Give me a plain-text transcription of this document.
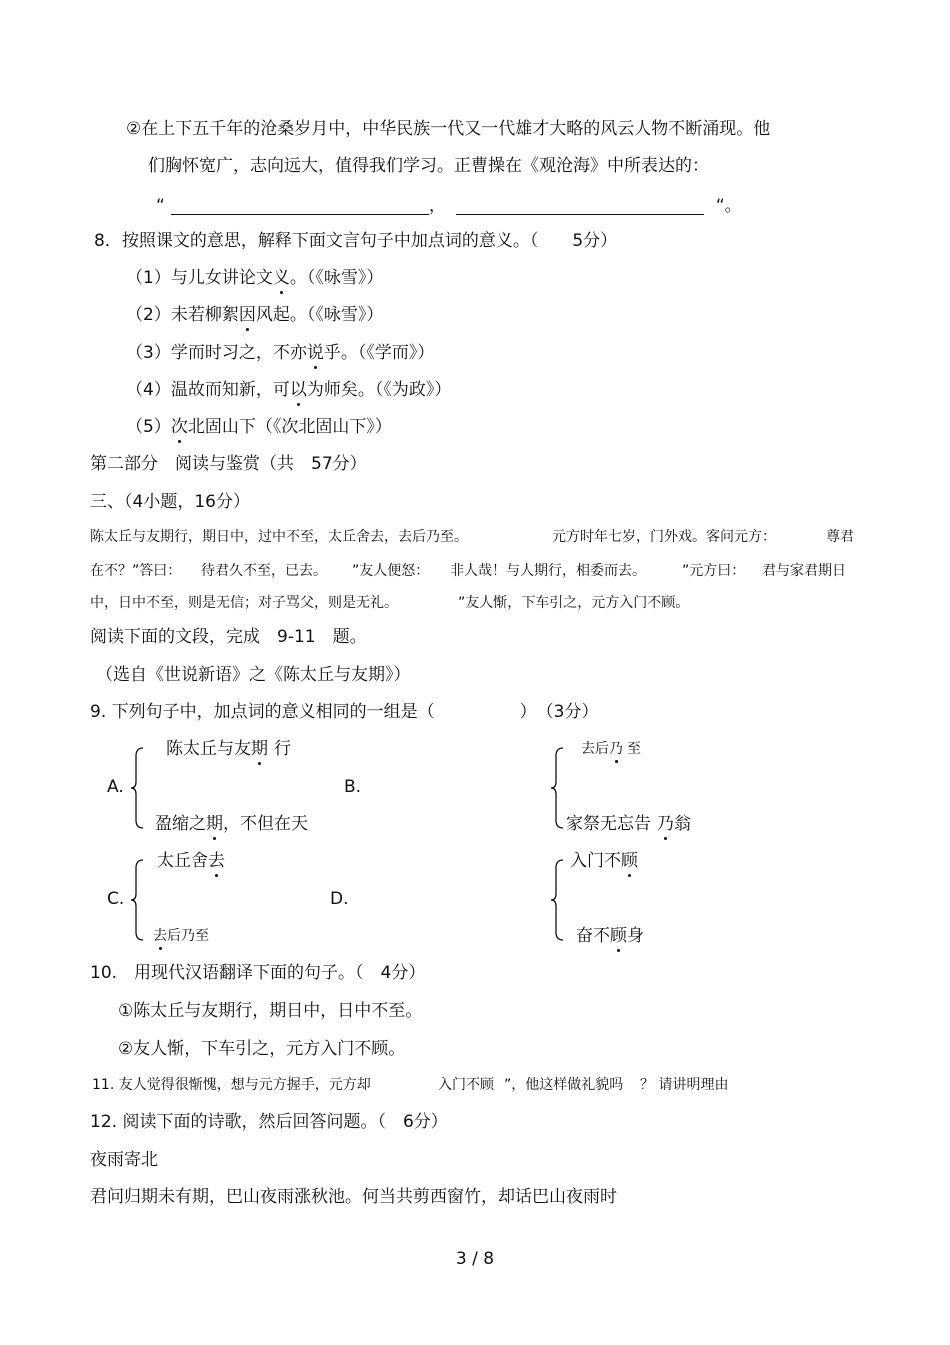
②在上下五千年的沧桑岁月中，中华民族一代又一代雄才大略的风云人物不断涌现。他
们胸怀宽广，志向远大，值得我们学习。正曹操在《观沧海》中所表达的：
“	，	“。
8．按照课文的意思，解释下面文言句子中加点词的意义。（　　5分）
（1）与儿女讲论文义。（《咏雪》）
（2）未若柳絮因风起。（《咏雪》）
（3）学而时习之，不亦说乎。（《学而》）
（4）温故而知新，可以为师矣。（《为政》）
（5）次北固山下（《次北固山下》）
第二部分　阅读与鉴赏（共　57分）
三、（4小题，16分）
陈太丘与友期行，期日中，过中不至，太丘舍去，去后乃至。	元方时年七岁，门外戏。客问元方：	尊君
在不？”答曰： 待君久不至，已去。 ”友人便怒： 非人哉！与人期行，相委而去。	”元方曰： 君与家君期日
中，日中不至，则是无信；对子骂父，则是无礼。	”友人惭，下车引之，元方入门不顾。
阅读下面的文段，完成　9-11　题。
（选自《世说新语》之《陈太丘与友期》）
9. 下列句子中，加点词的意义相同的一组是（　　　　　）　（3分）
A.
陈太丘与友期 行
盈缩之期，不但在天
B.
去后乃 至
家祭无忘告 乃翁
C.
太丘舍去
去后乃至
D.
入门不顾
奋不顾身
10.　用现代汉语翻译下面的句子。（　4分）
①陈太丘与友期行，期日中，日中不至。
②友人惭，下车引之，元方入门不顾。
11. 友人觉得很惭愧，想与元方握手，元方却	入门不顾 ”，他这样做礼貌吗 ？ 请讲明理由
12. 阅读下面的诗歌，然后回答问题。（　6分）
夜雨寄北
君问归期未有期，巴山夜雨涨秋池。何当共剪西窗竹，却话巴山夜雨时
3 / 8
